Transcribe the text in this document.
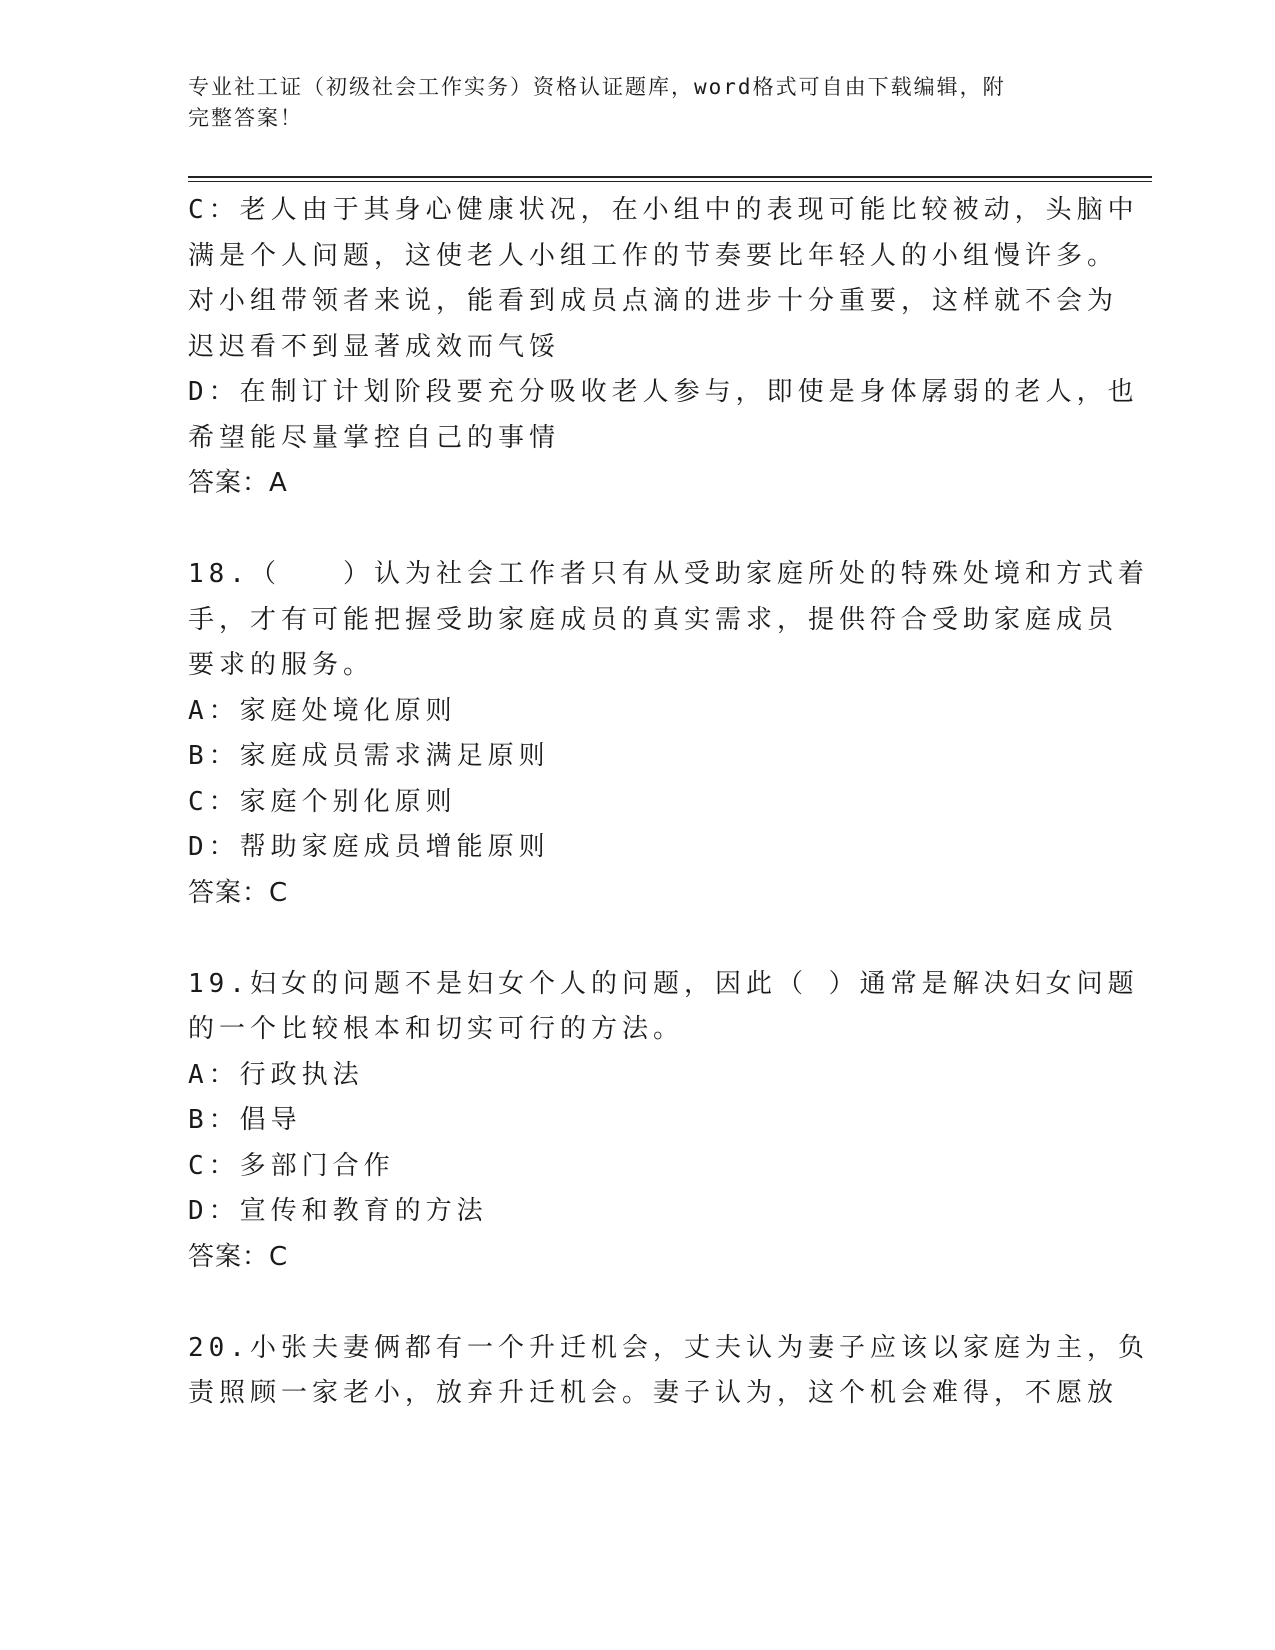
专业社工证（初级社会工作实务）资格认证题库，word格式可自由下载编辑，附
完整答案！
C：老人由于其身心健康状况，在小组中的表现可能比较被动，头脑中
满是个人问题，这使老人小组工作的节奏要比年轻人的小组慢许多。
对小组带领者来说，能看到成员点滴的进步十分重要，这样就不会为
迟迟看不到显著成效而气馁
D：在制订计划阶段要充分吸收老人参与，即使是身体孱弱的老人，也
希望能尽量掌控自己的事情
答案：A
18.（　　）认为社会工作者只有从受助家庭所处的特殊处境和方式着
手，才有可能把握受助家庭成员的真实需求，提供符合受助家庭成员
要求的服务。
A：家庭处境化原则
B：家庭成员需求满足原则
C：家庭个别化原则
D：帮助家庭成员增能原则
答案：C
19.妇女的问题不是妇女个人的问题，因此（ ）通常是解决妇女问题
的一个比较根本和切实可行的方法。
A：行政执法
B：倡导
C：多部门合作
D：宣传和教育的方法
答案：C
20.小张夫妻俩都有一个升迁机会，丈夫认为妻子应该以家庭为主，负
责照顾一家老小，放弃升迁机会。妻子认为，这个机会难得，不愿放
